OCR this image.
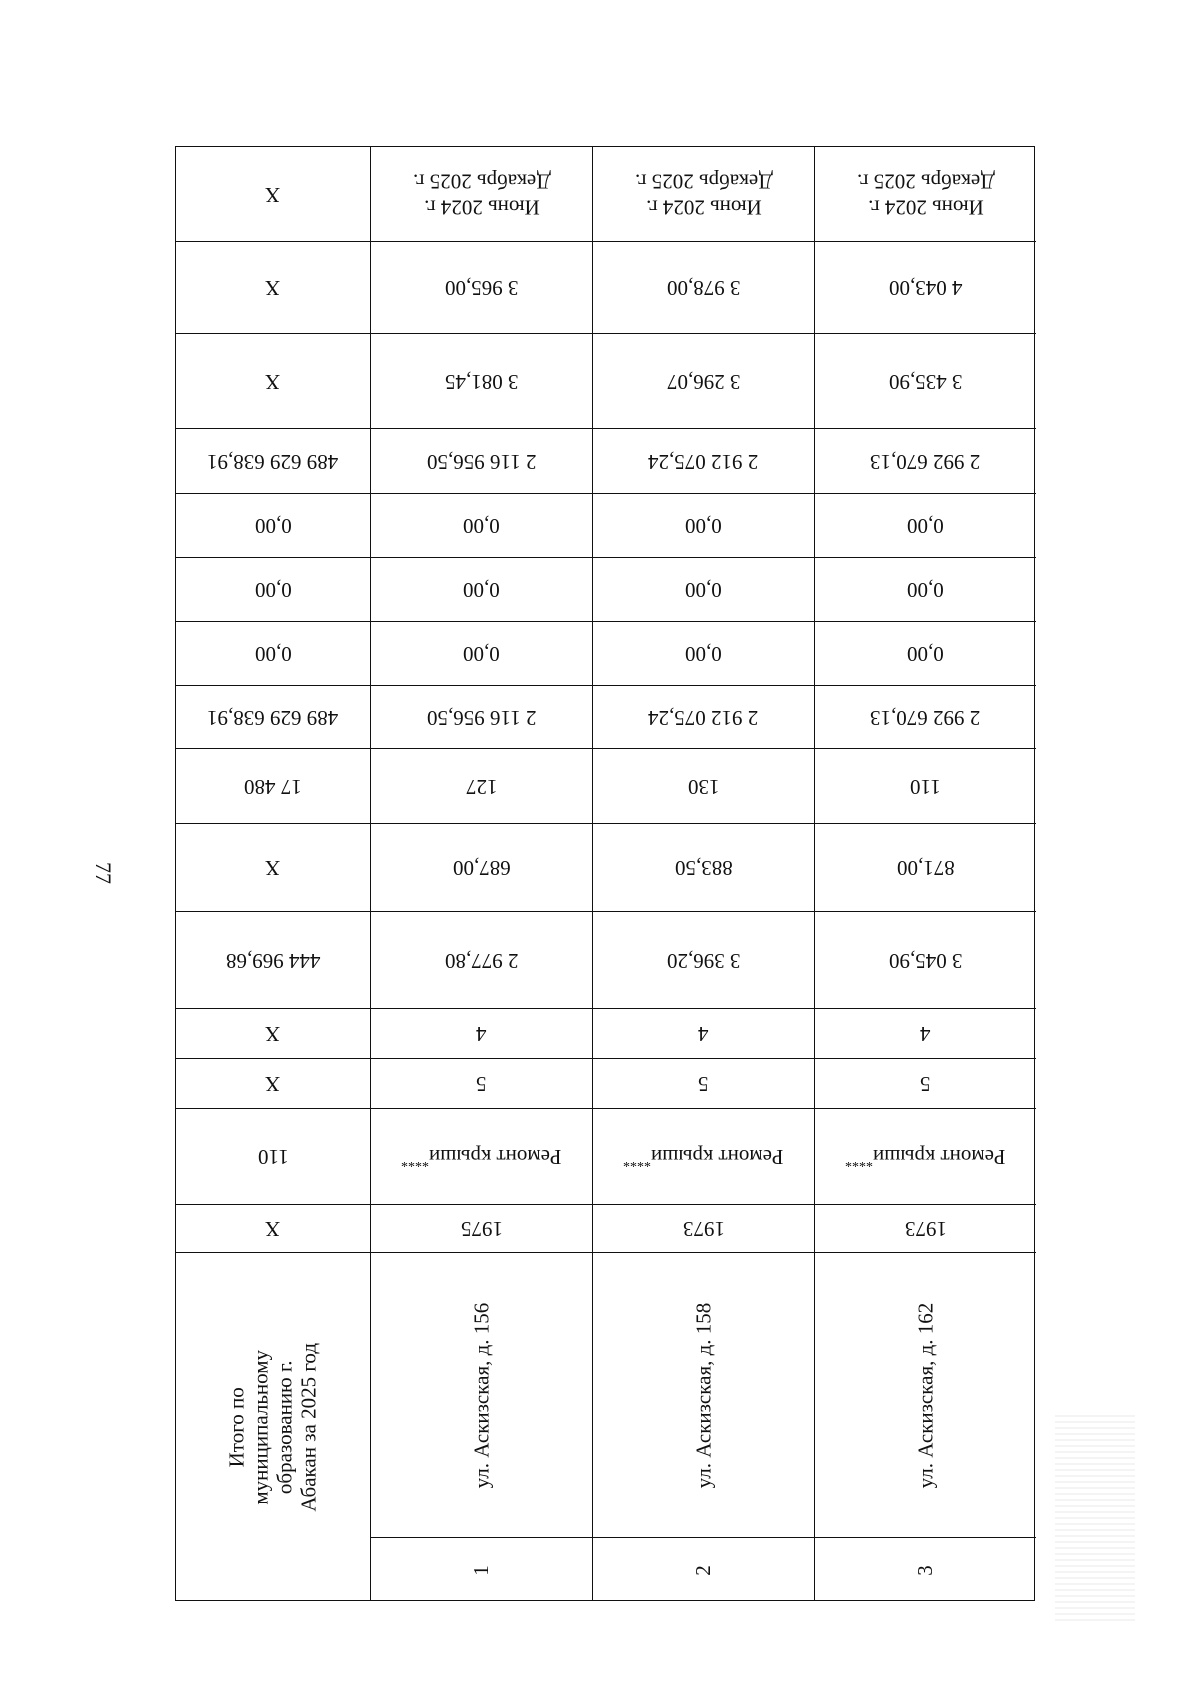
77
Х
Х
Х
489 629 638,91
0,00
0,00
0,00
489 629 638,91
17 480
Х
444 969,68
Х
Х
110
Х
Итого по муниципальному образованию г. Абакан за 2025 год
Июнь 2024 г.
Декабрь 2025 г.
3 965,00
3 081,45
2 116 956,50
0,00
0,00
0,00
2 116 956,50
127
687,00
2 977,80
4
5
Ремонт крыши****
1975
ул. Аскизская, д. 156
1
Июнь 2024 г.
Декабрь 2025 г.
3 978,00
3 296,07
2 912 075,24
0,00
0,00
0,00
2 912 075,24
130
883,50
3 396,20
4
5
Ремонт крыши****
1973
ул. Аскизская, д. 158
2
Июнь 2024 г.
Декабрь 2025 г.
4 043,00
3 435,90
2 992 670,13
0,00
0,00
0,00
2 992 670,13
110
871,00
3 045,90
4
5
Ремонт крыши****
1973
ул. Аскизская, д. 162
3
